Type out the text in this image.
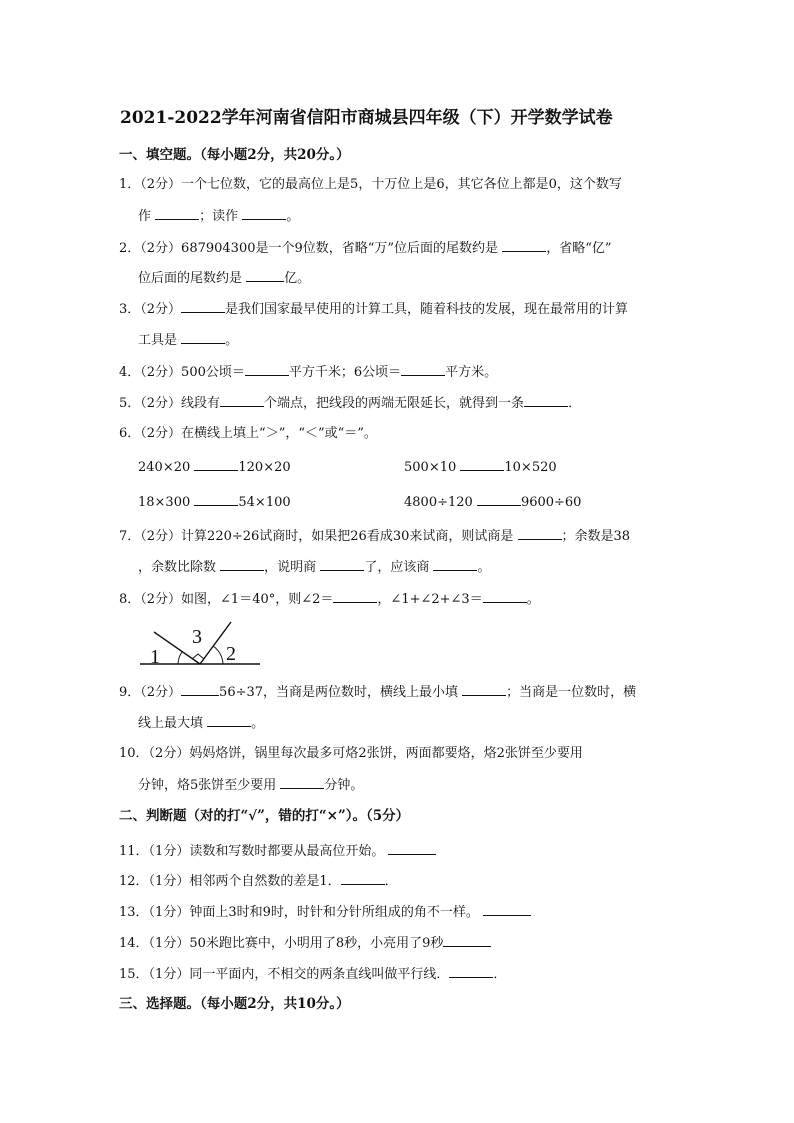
2021-2022学年河南省信阳市商城县四年级（下）开学数学试卷
一、填空题。（每小题2分，共20分。）
1．（2分）一个七位数，它的最高位上是5，十万位上是6，其它各位上都是0，这个数写
作	；读作	。
2．（2分）687904300是一个9位数，省略“万”位后面的尾数约是	，省略“亿”
位后面的尾数约是	亿。
3．（2分）	是我们国家最早使用的计算工具，随着科技的发展，现在最常用的计算
工具是	。
4．（2分）500公顷＝	平方千米；6公顷＝	平方米。
5．（2分）线段有	个端点，把线段的两端无限延长，就得到一条	．
6．（2分）在横线上填上“＞”，“＜”或“＝”。
240×20	120×20	500×10	10×520
18×300	54×100	4800÷120	9600÷60
7．（2分）计算220÷26试商时，如果把26看成30来试商，则试商是	；余数是38
，余数比除数	，说明商	了，应该商	。
8．（2分）如图，∠1＝40°，则∠2＝	，∠1+∠2+∠3＝	。
1	2
3
9．（2分）	56÷37，当商是两位数时，横线上最小填	；当商是一位数时，横
线上最大填	。
10．（2分）妈妈烙饼，锅里每次最多可烙2张饼，两面都要烙，烙2张饼至少要用
分钟，烙5张饼至少要用	分钟。
二、判断题（对的打“√”，错的打“×”）。（5分）
11．（1分）读数和写数时都要从最高位开始。
12．（1分）相邻两个自然数的差是1．	．
13．（1分）钟面上3时和9时，时针和分针所组成的角不一样。
14．（1分）50米跑比赛中，小明用了8秒，小亮用了9秒
15．（1分）同一平面内，不相交的两条直线叫做平行线．	．
三、选择题。（每小题2分，共10分。）
